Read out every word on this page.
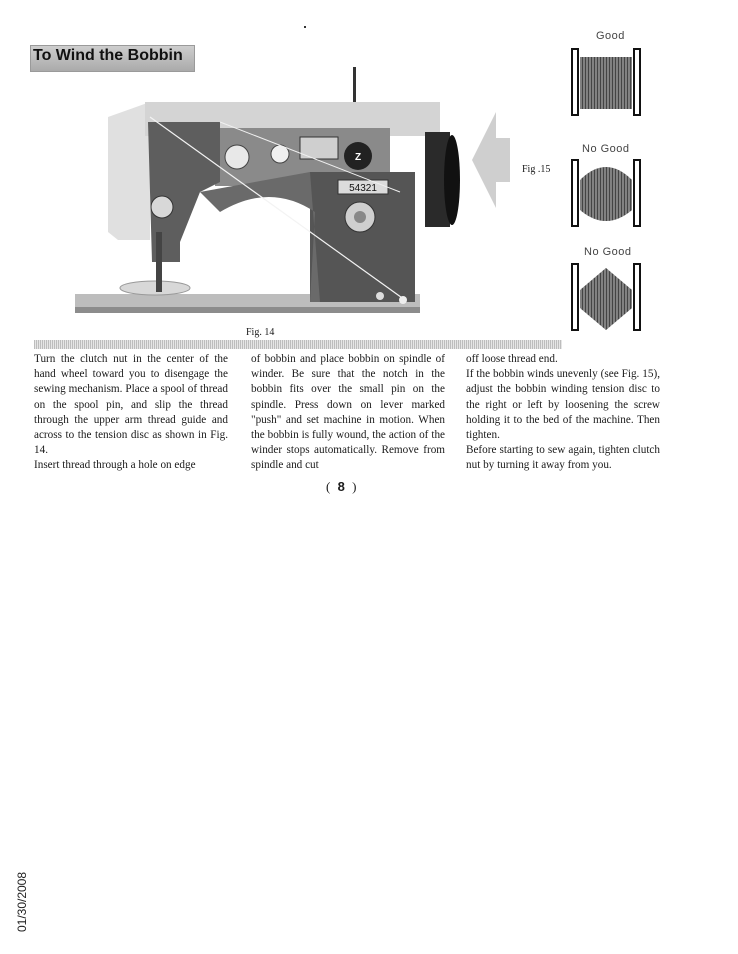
To Wind the Bobbin
Z
54321
Fig. 14
Fig .15
Good
No Good
No Good

Turn the clutch nut in the center of the hand wheel toward you to disengage the sewing mechanism. Place a spool of thread on the spool pin, and slip the thread through the upper arm thread guide and across to the tension disc as shown in Fig. 14.

Insert thread through a hole on edge

of bobbin and place bobbin on spindle of winder. Be sure that the notch in the bobbin fits over the small pin on the spindle. Press down on lever marked "push" and set machine in motion. When the bobbin is fully wound, the action of the winder stops automatically. Remove from spindle and cut

off loose thread end.

If the bobbin winds unevenly (see Fig. 15), adjust the bobbin winding tension disc to the right or left by loosening the screw holding it to the bed of the machine. Then tighten.

Before starting to sew again, tighten clutch nut by turning it away from you.

( 8 )
01/30/2008
